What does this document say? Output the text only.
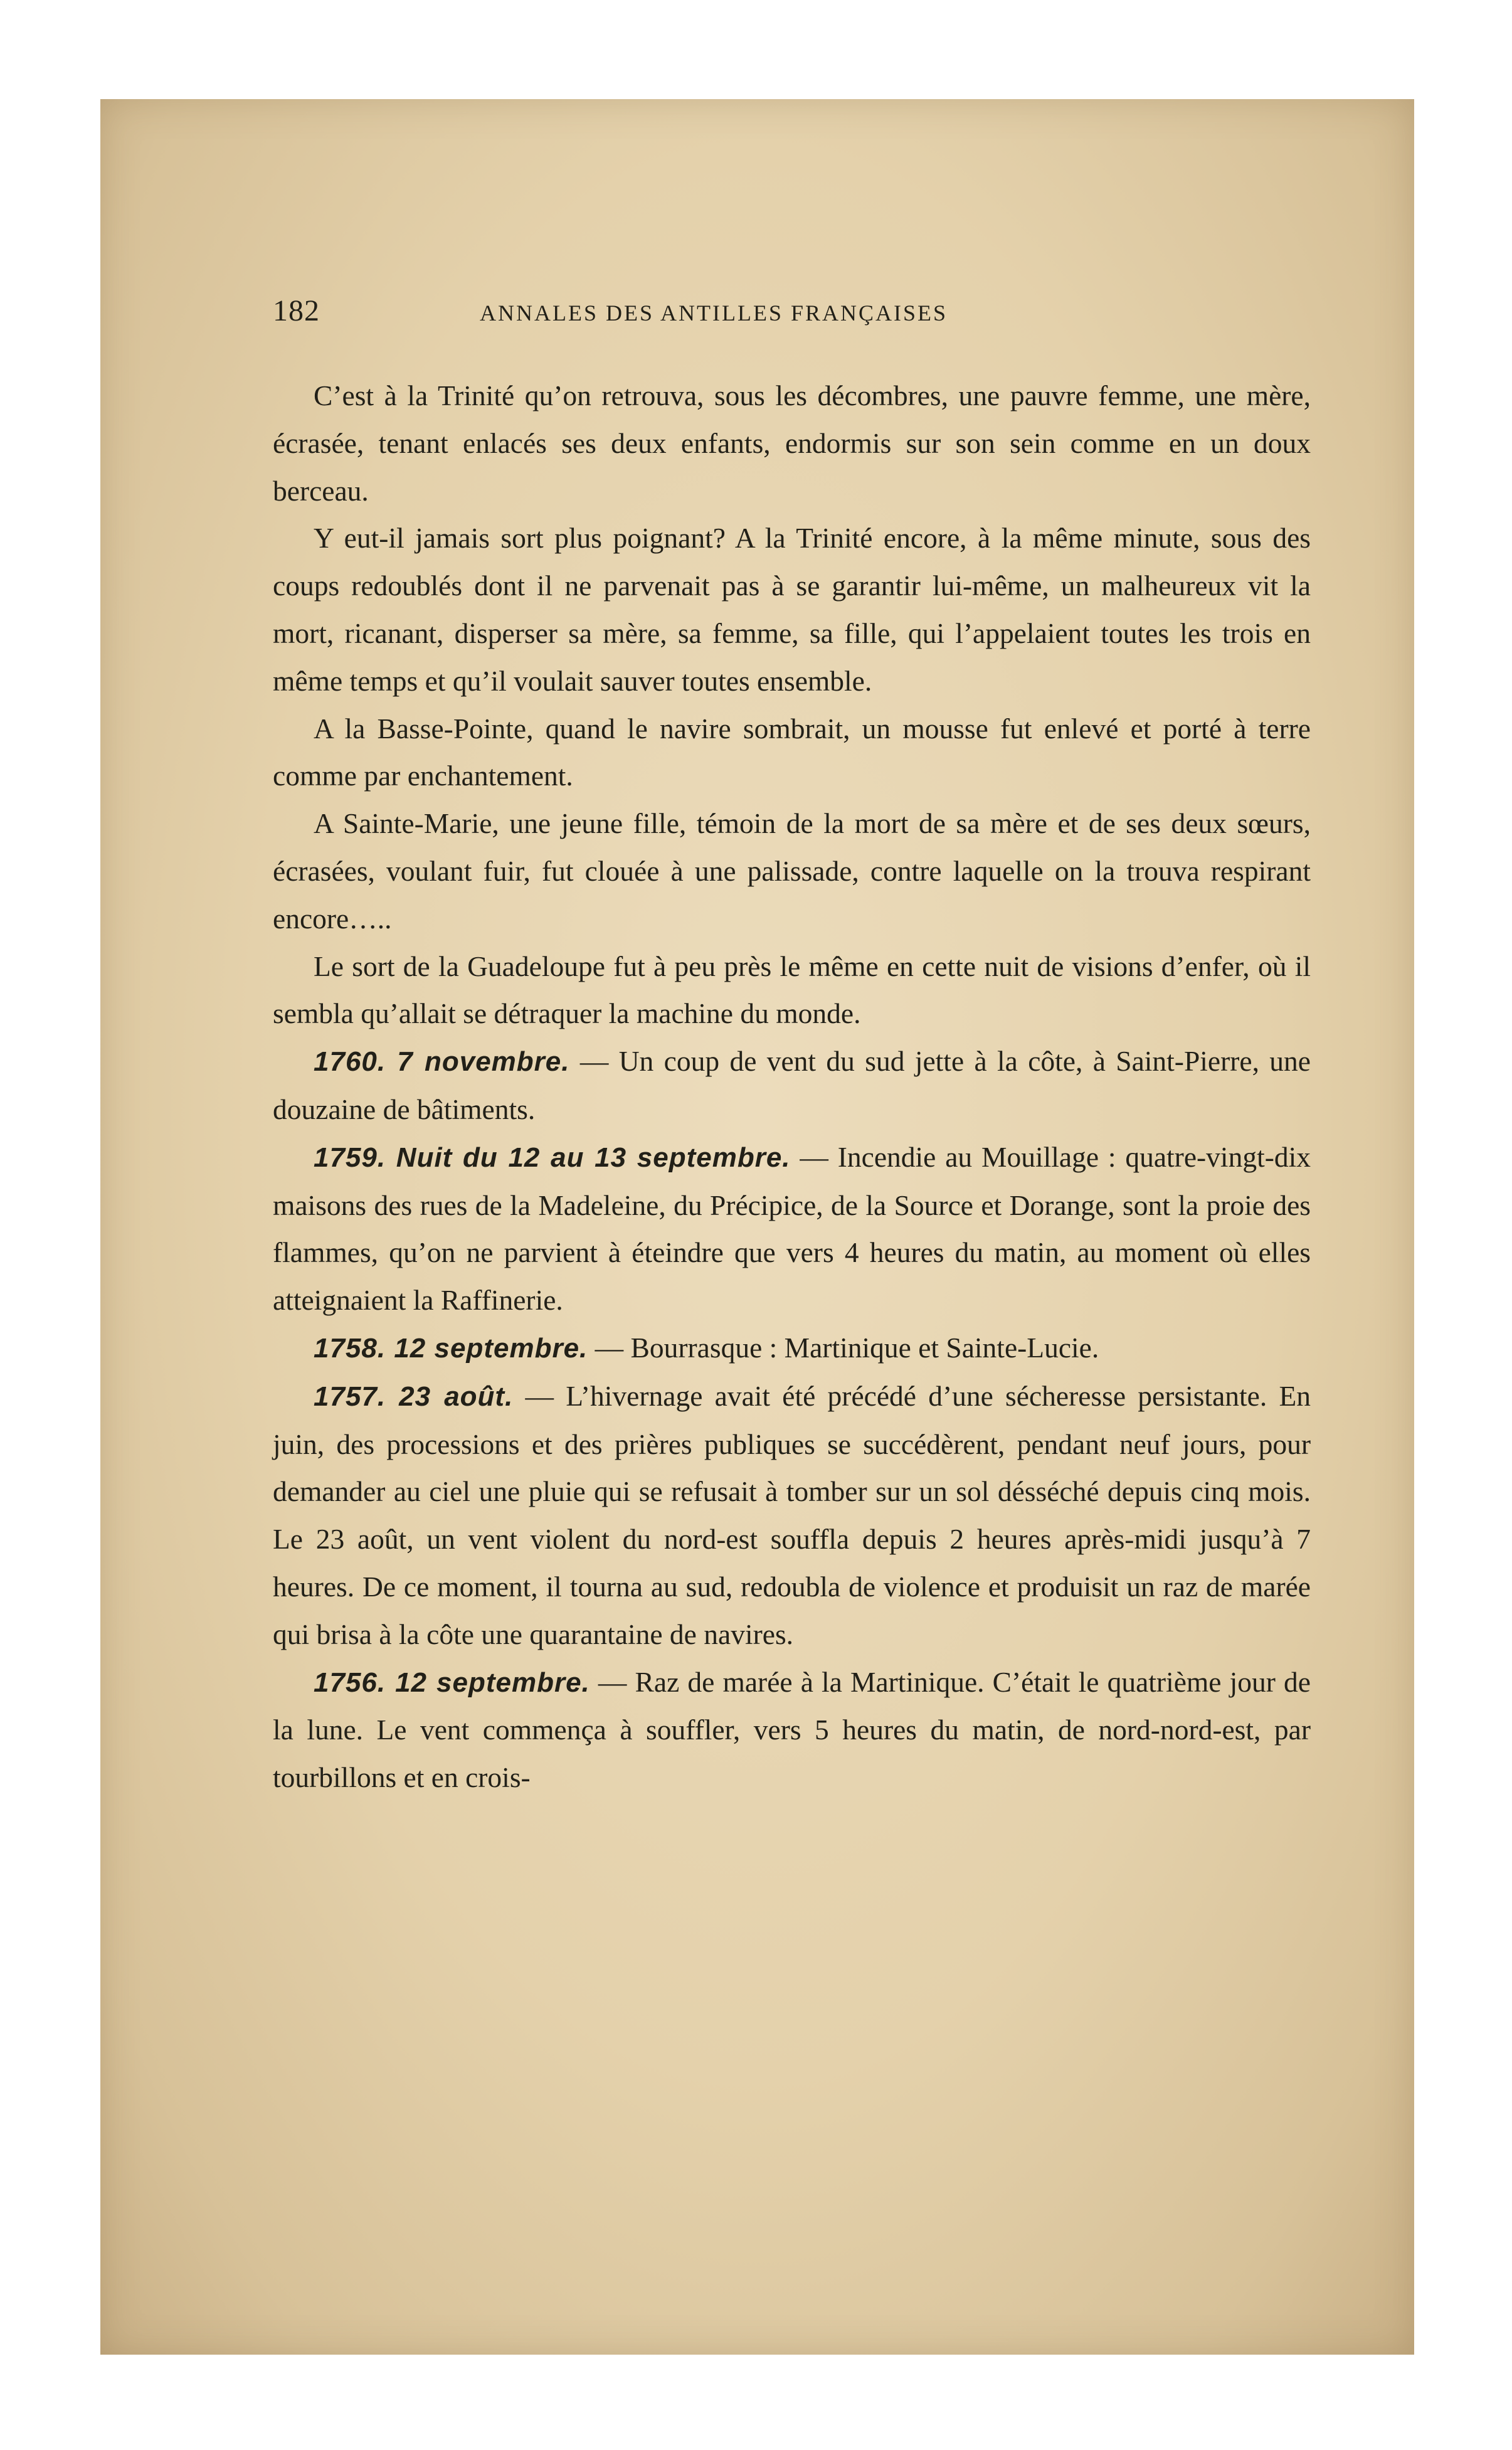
182	ANNALES DES ANTILLES FRANÇAISES

C’est à la Trinité qu’on retrouva, sous les décombres, une pauvre femme, une mère, écrasée, tenant enlacés ses deux enfants, endormis sur son sein comme en un doux berceau.

Y eut-il jamais sort plus poignant? A la Trinité encore, à la même minute, sous des coups redoublés dont il ne parvenait pas à se garantir lui-même, un malheureux vit la mort, ricanant, disperser sa mère, sa femme, sa fille, qui l’appelaient toutes les trois en même temps et qu’il voulait sauver toutes ensemble.

A la Basse-Pointe, quand le navire sombrait, un mousse fut enlevé et porté à terre comme par enchantement.

A Sainte-Marie, une jeune fille, témoin de la mort de sa mère et de ses deux sœurs, écrasées, voulant fuir, fut clouée à une palissade, contre laquelle on la trouva respirant encore…..

Le sort de la Guadeloupe fut à peu près le même en cette nuit de visions d’enfer, où il sembla qu’allait se détraquer la machine du monde.

1760. 7 novembre. — Un coup de vent du sud jette à la côte, à Saint-Pierre, une douzaine de bâtiments.

1759. Nuit du 12 au 13 septembre. — Incendie au Mouillage : quatre-vingt-dix maisons des rues de la Madeleine, du Précipice, de la Source et Dorange, sont la proie des flammes, qu’on ne parvient à éteindre que vers 4 heures du matin, au moment où elles atteignaient la Raffinerie.

1758. 12 septembre. — Bourrasque : Martinique et Sainte-Lucie.

1757. 23 août. — L’hivernage avait été précédé d’une sécheresse persistante. En juin, des processions et des prières publiques se succédèrent, pendant neuf jours, pour demander au ciel une pluie qui se refusait à tomber sur un sol désséché depuis cinq mois. Le 23 août, un vent violent du nord-est souffla depuis 2 heures après-midi jusqu’à 7 heures. De ce moment, il tourna au sud, redoubla de violence et produisit un raz de marée qui brisa à la côte une quarantaine de navires.

1756. 12 septembre. — Raz de marée à la Martinique. C’était le quatrième jour de la lune. Le vent commença à souffler, vers 5 heures du matin, de nord-nord-est, par tourbillons et en crois-
